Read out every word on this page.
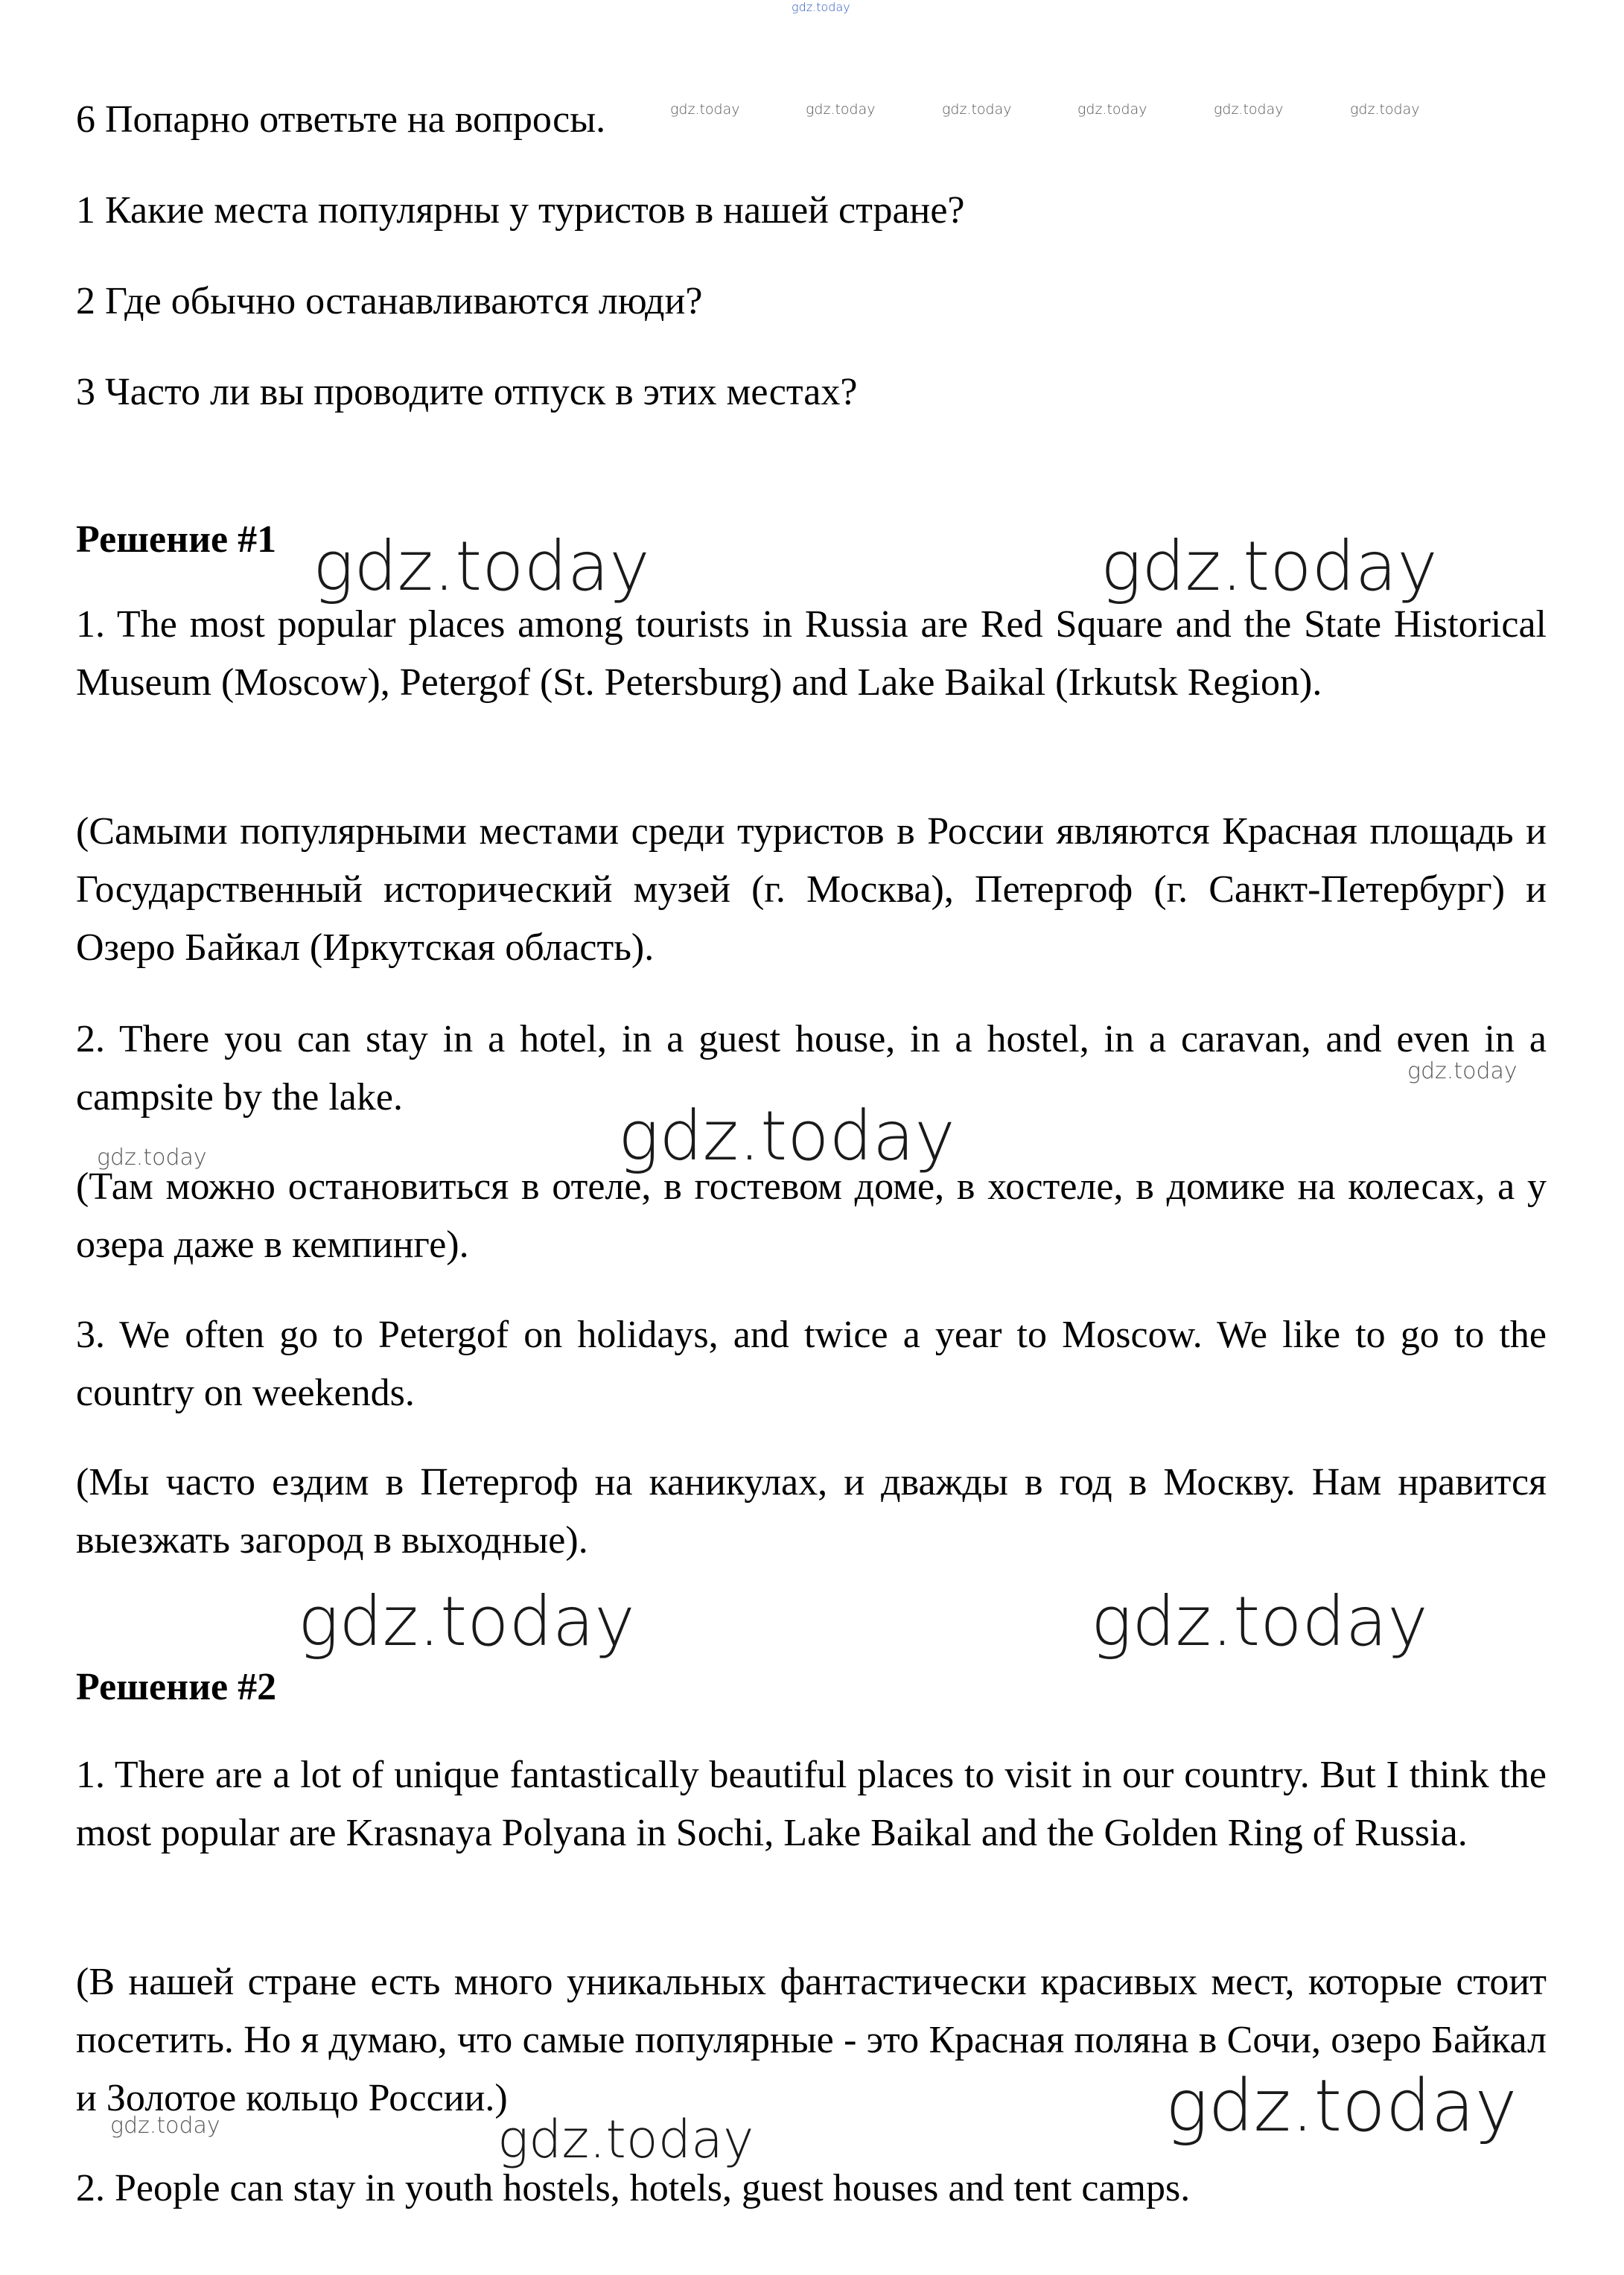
6 Попарно ответьте на вопросы.

1 Какие места популярны у туристов в нашей стране?

2 Где обычно останавливаются люди?

3 Часто ли вы проводите отпуск в этих местах?

Решение #1

1. The most popular places among tourists in Russia are Red Square and the State Historical Museum (Moscow), Petergof (St. Petersburg) and Lake Baikal (Irkutsk Region).

(Самыми популярными местами среди туристов в России являются Красная площадь и Государственный исторический музей (г. Москва), Петергоф (г. Санкт-Петербург) и Озеро Байкал (Иркутская область).

2. There you can stay in a hotel, in a guest house, in a hostel, in a caravan, and even in a campsite by the lake.

(Там можно остановиться в отеле, в гостевом доме, в хостеле, в домике на колесах, а у озера даже в кемпинге).

3. We often go to Petergof on holidays, and twice a year to Moscow. We like to go to the country on weekends.

(Мы часто ездим в Петергоф на каникулах, и дважды в год в Москву. Нам нравится выезжать загород в выходные).

Решение #2

1. There are a lot of unique fantastically beautiful places to visit in our country. But I think the most popular are Krasnaya Polyana in Sochi, Lake Baikal and the Golden Ring of Russia.

(В нашей стране есть много уникальных фантастически красивых мест, которые стоит посетить. Но я думаю, что самые популярные - это Красная поляна в Сочи, озеро Байкал и Золотое кольцо России.)

2. People can stay in youth hostels, hotels, guest houses and tent camps.

gdz.today
gdz.today	gdz.today	gdz.today	gdz.today	gdz.today	gdz.today
gdz.today	gdz.today
gdz.today
gdz.today
gdz.today
gdz.today	gdz.today
gdz.today
gdz.today	gdz.today
